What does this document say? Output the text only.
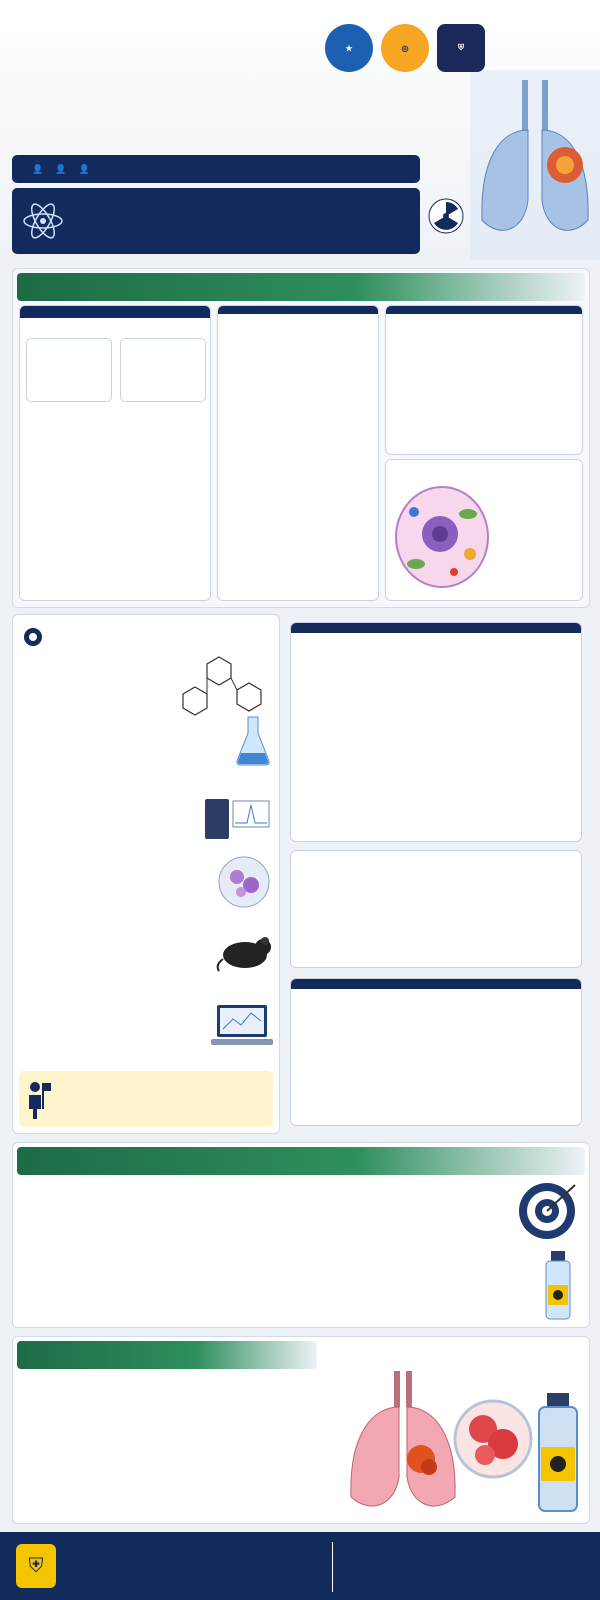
★	◎	⛨
👤 👤 👤

⛨
